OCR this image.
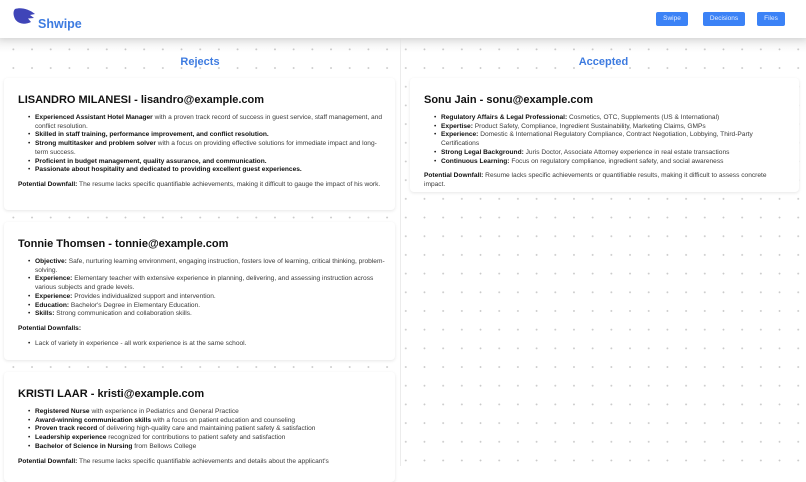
Shwipe	Swipe	Decisions	Files
Rejects
LISANDRO MILANESI - lisandro@example.com
• Experienced Assistant Hotel Manager with a proven track record of success in guest service, staff management, and conflict resolution.
• Skilled in staff training, performance improvement, and conflict resolution.
• Strong multitasker and problem solver with a focus on providing effective solutions for immediate impact and long-term success.
• Proficient in budget management, quality assurance, and communication.
• Passionate about hospitality and dedicated to providing excellent guest experiences.

Potential Downfall: The resume lacks specific quantifiable achievements, making it difficult to gauge the impact of his work.

Tonnie Thomsen - tonnie@example.com
• Objective: Safe, nurturing learning environment, engaging instruction, fosters love of learning, critical thinking, problem-solving.
• Experience: Elementary teacher with extensive experience in planning, delivering, and assessing instruction across various subjects and grade levels.
• Experience: Provides individualized support and intervention.
• Education: Bachelor's Degree in Elementary Education.
• Skills: Strong communication and collaboration skills.

Potential Downfalls:

• Lack of variety in experience - all work experience is at the same school.
KRISTI LAAR - kristi@example.com
• Registered Nurse with experience in Pediatrics and General Practice
• Award-winning communication skills with a focus on patient education and counseling
• Proven track record of delivering high-quality care and maintaining patient safety & satisfaction
• Leadership experience recognized for contributions to patient safety and satisfaction
• Bachelor of Science in Nursing from Bellows College

Potential Downfall: The resume lacks specific quantifiable achievements and details about the applicant's

Accepted
Sonu Jain - sonu@example.com
• Regulatory Affairs & Legal Professional: Cosmetics, OTC, Supplements (US & International)
• Expertise: Product Safety, Compliance, Ingredient Sustainability, Marketing Claims, GMPs
• Experience: Domestic & International Regulatory Compliance, Contract Negotiation, Lobbying, Third-Party Certifications
• Strong Legal Background: Juris Doctor, Associate Attorney experience in real estate transactions
• Continuous Learning: Focus on regulatory compliance, ingredient safety, and social awareness

Potential Downfall: Resume lacks specific achievements or quantifiable results, making it difficult to assess concrete impact.
